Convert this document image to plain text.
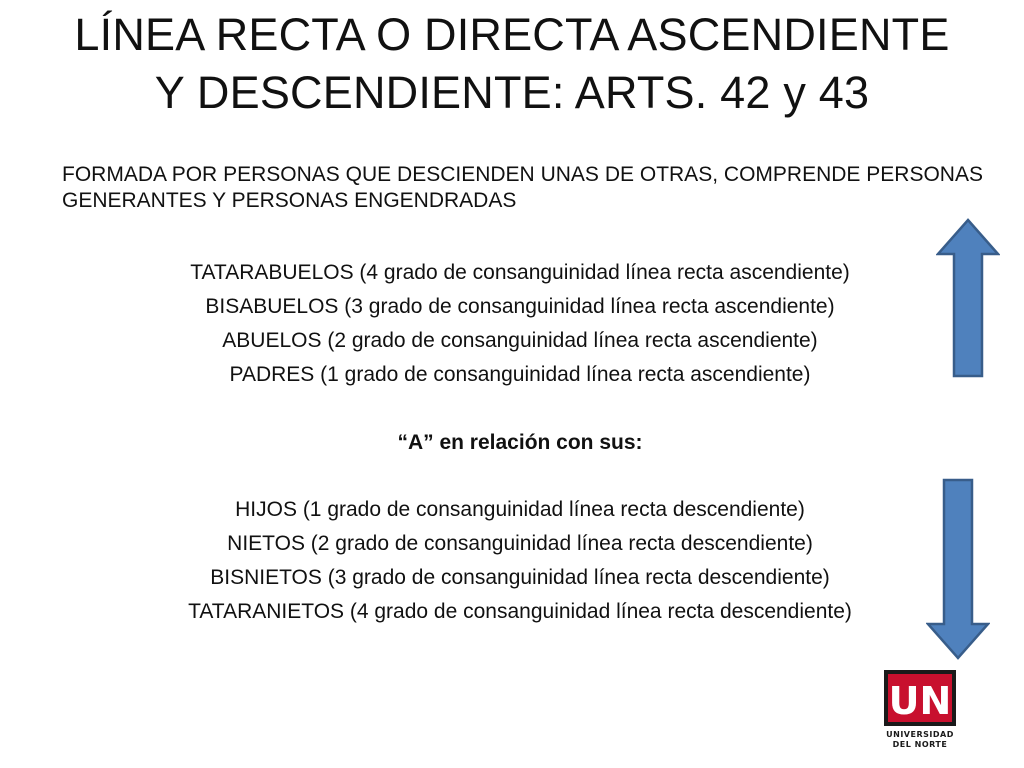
LÍNEA RECTA O DIRECTA ASCENDIENTE
Y DESCENDIENTE: ARTS. 42 y 43
FORMADA POR PERSONAS QUE DESCIENDEN UNAS DE OTRAS, COMPRENDE PERSONAS GENERANTES Y PERSONAS ENGENDRADAS
TATARABUELOS (4 grado de consanguinidad línea recta ascendiente)
BISABUELOS (3 grado de consanguinidad línea recta ascendiente)
ABUELOS (2 grado de consanguinidad línea recta ascendiente)
PADRES (1 grado de consanguinidad línea recta ascendiente)
“A” en relación con sus:
HIJOS (1 grado de consanguinidad línea recta descendiente)
NIETOS (2 grado de consanguinidad línea recta descendiente)
BISNIETOS (3 grado de consanguinidad línea recta descendiente)
TATARANIETOS (4 grado de consanguinidad línea recta descendiente)
UN
UNIVERSIDAD
DEL NORTE
